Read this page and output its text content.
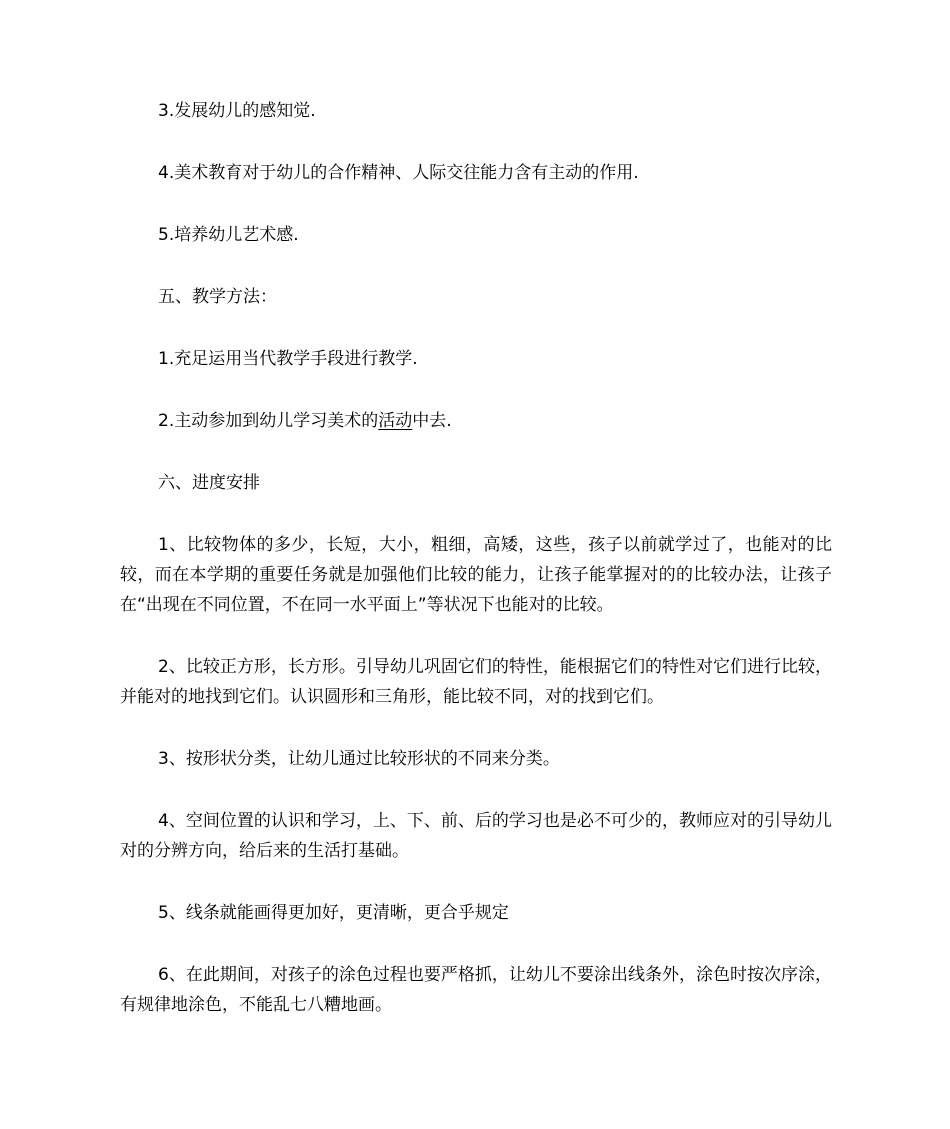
3.发展幼儿的感知觉.

4.美术教育对于幼儿的合作精神、人际交往能力含有主动的作用.

5.培养幼儿艺术感.

五、教学方法：

1.充足运用当代教学手段进行教学.

2.主动参加到幼儿学习美术的活动中去.

六、进度安排

1、比较物体的多少，长短，大小，粗细，高矮，这些，孩子以前就学过了，也能对的比较，而在本学期的重要任务就是加强他们比较的能力，让孩子能掌握对的的比较办法，让孩子在“出现在不同位置，不在同一水平面上”等状况下也能对的比较。

2、比较正方形，长方形。引导幼儿巩固它们的特性，能根据它们的特性对它们进行比较，并能对的地找到它们。认识圆形和三角形，能比较不同，对的找到它们。

3、按形状分类，让幼儿通过比较形状的不同来分类。

4、空间位置的认识和学习，上、下、前、后的学习也是必不可少的，教师应对的引导幼儿对的分辨方向，给后来的生活打基础。

5、线条就能画得更加好，更清晰，更合乎规定

6、在此期间，对孩子的涂色过程也要严格抓，让幼儿不要涂出线条外，涂色时按次序涂，有规律地涂色，不能乱七八糟地画。
